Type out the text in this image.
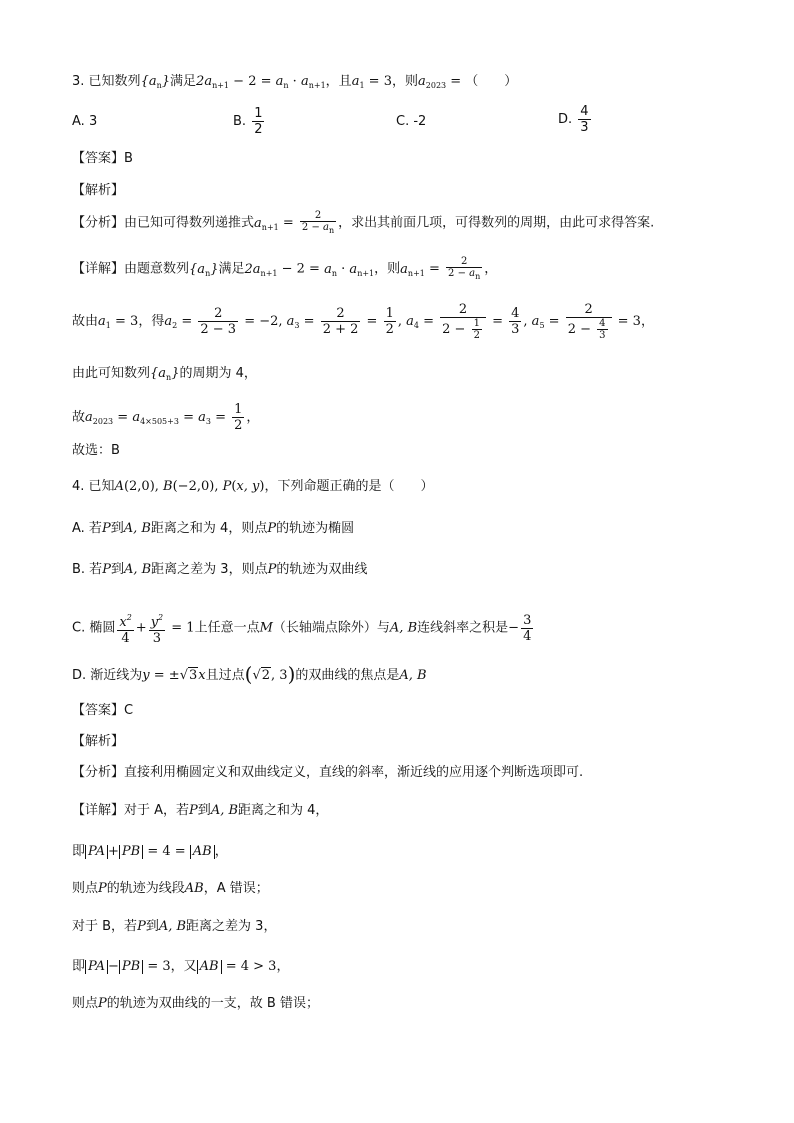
3. 已知数列$\{a_n\}$满足$2a_{n+1} - 2 = a_n \cdot a_{n+1}$，且$a_1 = 3$，则$a_{2023}$ = （　　）
A. 3	B. $\frac{1}{2}$	C. -2	D. $\frac{4}{3}$
【答案】B
【解析】
【分析】由已知可得数列递推式$a_{n+1} = \frac{2}{2 - a_n}$ ，求出其前面几项，可得数列的周期，由此可求得答案.
【详解】由题意数列$\{a_n\}$满足$2a_{n+1} - 2 = a_n \cdot a_{n+1}$，则$a_{n+1} = \frac{2}{2 - a_n}$ ，
故由$a_1 = 3$，得$a_2 = \frac{2}{2 - 3} = -2$, $a_3 = \frac{2}{2 + 2} = \frac{1}{2}$ , $a_4 = \frac{2}{2 - \frac{1}{2}} = \frac{4}{3}$ , $a_5 = \frac{2}{2 - \frac{4}{3}} = 3$，
由此可知数列$\{a_n\}$的周期为 4，
故$a_{2023} = a_{4\times 505+3} = a_3 = \frac{1}{2}$ ，
故选：B
4. 已知A(2,0), B(−2,0), P(x, y)，下列命题正确的是（　　）
A. 若P到A, B距离之和为 4，则点P的轨迹为椭圆
B. 若P到A, B距离之差为 3，则点P的轨迹为双曲线
C. 椭圆 $\frac{x^2}{4} + \frac{y^2}{3} = 1$上任意一点M（长轴端点除外）与A, B连线斜率之积是− $\frac{3}{4}$
D. 渐近线为y = ±√3x且过点(√2, 3)的双曲线的焦点是A, B
【答案】C
【解析】
【分析】直接利用椭圆定义和双曲线定义，直线的斜率，渐近线的应用逐个判断选项即可.
【详解】对于 A，若P到A, B距离之和为 4，
即 PA + PB = 4 = AB ，
则点P的轨迹为线段AB，A 错误；
对于 B，若P到A, B距离之差为 3，
即 PA − PB = 3，又 AB = 4 > 3，
则点P的轨迹为双曲线的一支，故 B 错误；
